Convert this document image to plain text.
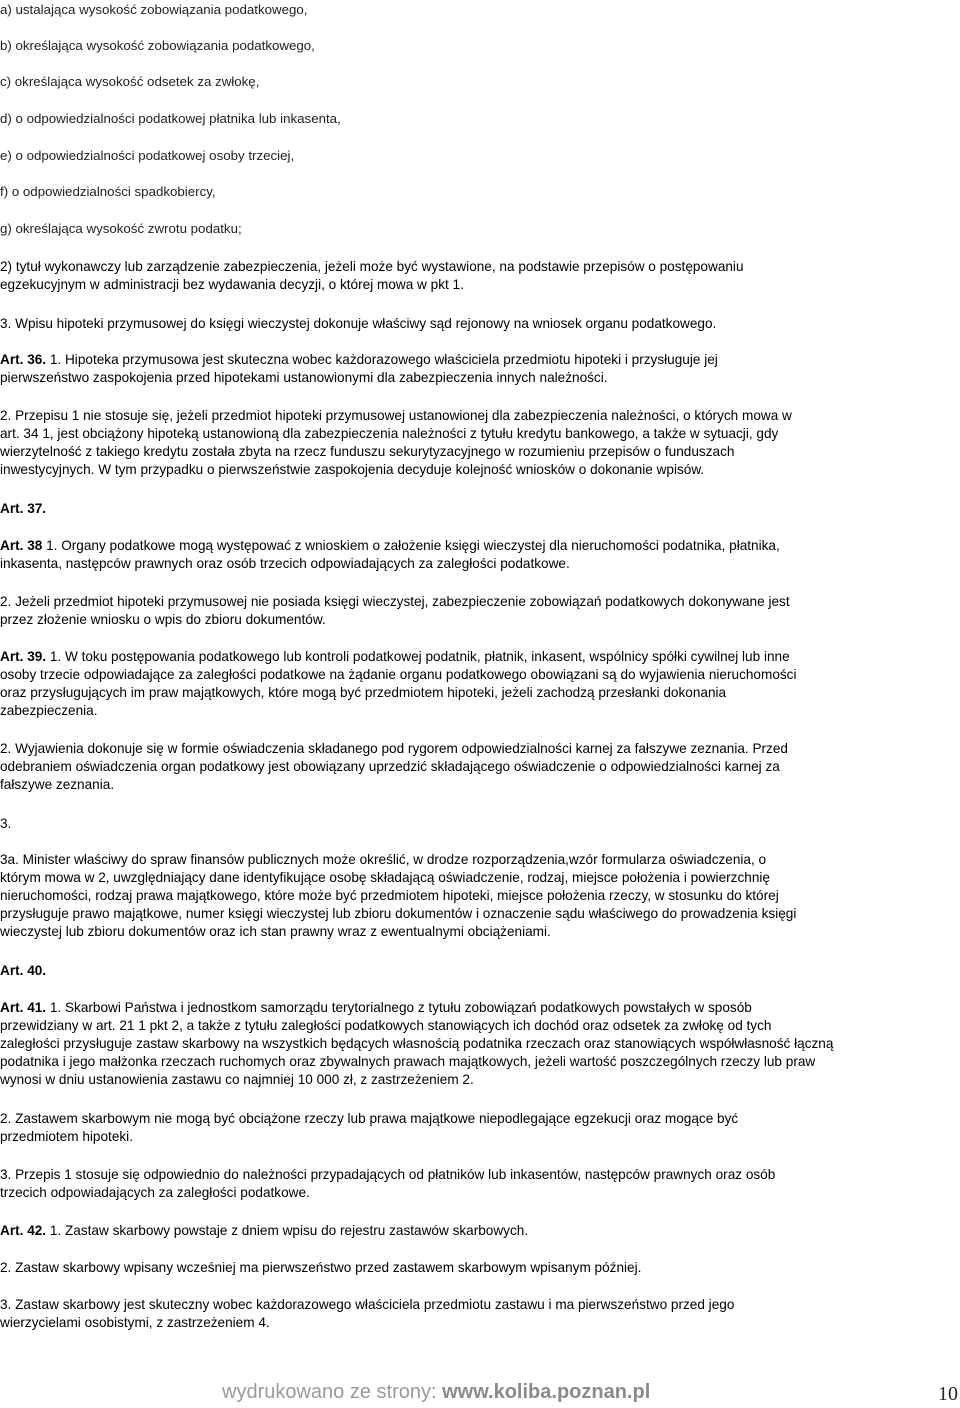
a) ustalająca wysokość zobowiązania podatkowego,
b) określająca wysokość zobowiązania podatkowego,
c) określająca wysokość odsetek za zwłokę,
d) o odpowiedzialności podatkowej płatnika lub inkasenta,
e) o odpowiedzialności podatkowej osoby trzeciej,
f) o odpowiedzialności spadkobiercy,
g) określająca wysokość zwrotu podatku;
2) tytuł wykonawczy lub zarządzenie zabezpieczenia, jeżeli może być wystawione, na podstawie przepisów o postępowaniu
egzekucyjnym w administracji bez wydawania decyzji, o której mowa w pkt 1.
3. Wpisu hipoteki przymusowej do księgi wieczystej dokonuje właściwy sąd rejonowy na wniosek organu podatkowego.
Art. 36. 1. Hipoteka przymusowa jest skuteczna wobec każdorazowego właściciela przedmiotu hipoteki i przysługuje jej
pierwszeństwo zaspokojenia przed hipotekami ustanowionymi dla zabezpieczenia innych należności.
2. Przepisu 1 nie stosuje się, jeżeli przedmiot hipoteki przymusowej ustanowionej dla zabezpieczenia należności, o których mowa w
art. 34 1, jest obciążony hipoteką ustanowioną dla zabezpieczenia należności z tytułu kredytu bankowego, a także w sytuacji, gdy
wierzytelność z takiego kredytu została zbyta na rzecz funduszu sekurytyzacyjnego w rozumieniu przepisów o funduszach
inwestycyjnych. W tym przypadku o pierwszeństwie zaspokojenia decyduje kolejność wniosków o dokonanie wpisów.
Art. 37.
Art. 38 1. Organy podatkowe mogą występować z wnioskiem o założenie księgi wieczystej dla nieruchomości podatnika, płatnika,
inkasenta, następców prawnych oraz osób trzecich odpowiadających za zaległości podatkowe.
2. Jeżeli przedmiot hipoteki przymusowej nie posiada księgi wieczystej, zabezpieczenie zobowiązań podatkowych dokonywane jest
przez złożenie wniosku o wpis do zbioru dokumentów.
Art. 39. 1. W toku postępowania podatkowego lub kontroli podatkowej podatnik, płatnik, inkasent, wspólnicy spółki cywilnej lub inne
osoby trzecie odpowiadające za zaległości podatkowe na żądanie organu podatkowego obowiązani są do wyjawienia nieruchomości
oraz przysługujących im praw majątkowych, które mogą być przedmiotem hipoteki, jeżeli zachodzą przesłanki dokonania
zabezpieczenia.
2. Wyjawienia dokonuje się w formie oświadczenia składanego pod rygorem odpowiedzialności karnej za fałszywe zeznania. Przed
odebraniem oświadczenia organ podatkowy jest obowiązany uprzedzić składającego oświadczenie o odpowiedzialności karnej za
fałszywe zeznania.
3.
3a. Minister właściwy do spraw finansów publicznych może określić, w drodze rozporządzenia,wzór formularza oświadczenia, o
którym mowa w 2, uwzględniający dane identyfikujące osobę składającą oświadczenie, rodzaj, miejsce położenia i powierzchnię
nieruchomości, rodzaj prawa majątkowego, które może być przedmiotem hipoteki, miejsce położenia rzeczy, w stosunku do której
przysługuje prawo majątkowe, numer księgi wieczystej lub zbioru dokumentów i oznaczenie sądu właściwego do prowadzenia księgi
wieczystej lub zbioru dokumentów oraz ich stan prawny wraz z ewentualnymi obciążeniami.
Art. 40.
Art. 41. 1. Skarbowi Państwa i jednostkom samorządu terytorialnego z tytułu zobowiązań podatkowych powstałych w sposób
przewidziany w art. 21 1 pkt 2, a także z tytułu zaległości podatkowych stanowiących ich dochód oraz odsetek za zwłokę od tych
zaległości przysługuje zastaw skarbowy na wszystkich będących własnością podatnika rzeczach oraz stanowiących współwłasność łączną
podatnika i jego małżonka rzeczach ruchomych oraz zbywalnych prawach majątkowych, jeżeli wartość poszczególnych rzeczy lub praw
wynosi w dniu ustanowienia zastawu co najmniej 10 000 zł, z zastrzeżeniem 2.
2. Zastawem skarbowym nie mogą być obciążone rzeczy lub prawa majątkowe niepodlegające egzekucji oraz mogące być
przedmiotem hipoteki.
3. Przepis 1 stosuje się odpowiednio do należności przypadających od płatników lub inkasentów, następców prawnych oraz osób
trzecich odpowiadających za zaległości podatkowe.
Art. 42. 1. Zastaw skarbowy powstaje z dniem wpisu do rejestru zastawów skarbowych.
2. Zastaw skarbowy wpisany wcześniej ma pierwszeństwo przed zastawem skarbowym wpisanym później.
3. Zastaw skarbowy jest skuteczny wobec każdorazowego właściciela przedmiotu zastawu i ma pierwszeństwo przed jego
wierzycielami osobistymi, z zastrzeżeniem 4.
wydrukowano ze strony: www.koliba.poznan.pl	10
